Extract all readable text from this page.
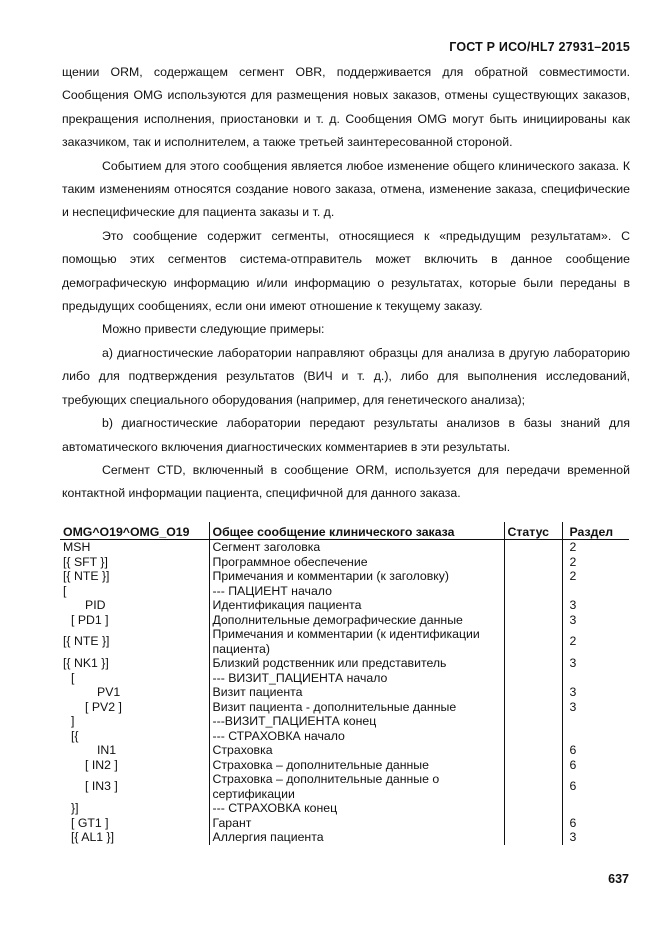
ГОСТ Р ИСО/HL7 27931–2015

щении ORM, содержащем сегмент OBR, поддерживается для обратной совместимости. Сообщения OMG используются для размещения новых заказов, отмены существующих заказов, прекращения исполнения, приостановки и т. д. Сообщения OMG могут быть инициированы как заказчиком, так и исполнителем, а также третьей заинтересованной стороной.

Событием для этого сообщения является любое изменение общего клинического заказа. К таким изменениям относятся создание нового заказа, отмена, изменение заказа, специфические и неспецифические для пациента заказы и т. д.

Это сообщение содержит сегменты, относящиеся к «предыдущим результатам». С помощью этих сегментов система-отправитель может включить в данное сообщение демографическую информацию и/или информацию о результатах, которые были переданы в предыдущих сообщениях, если они имеют отношение к текущему заказу.

Можно привести следующие примеры:

a) диагностические лаборатории направляют образцы для анализа в другую лабораторию либо для подтверждения результатов (ВИЧ и т. д.), либо для выполнения исследований, требующих специального оборудования (например, для генетического анализа);

b) диагностические лаборатории передают результаты анализов в базы знаний для автоматического включения диагностических комментариев в эти результаты.

Сегмент CTD, включенный в сообщение ORM, используется для передачи временной контактной информации пациента, специфичной для данного заказа.

OMG^O19^OMG_O19	Общее сообщение клинического заказа	Статус	Раздел
MSH	Сегмент заголовка		2
[{ SFT }]	Программное обеспечение		2
[{ NTE }]	Примечания и комментарии (к заголовку)		2
[	--- ПАЦИЕНТ начало		
PID	Идентификация пациента		3
[ PD1 ]	Дополнительные демографические данные		3
[{ NTE }]	Примечания и комментарии (к идентификации пациента)		2
[{ NK1 }]	Близкий родственник или представитель		3
[	--- ВИЗИТ_ПАЦИЕНТА начало		
PV1	Визит пациента		3
[ PV2 ]	Визит пациента - дополнительные данные		3
]	---ВИЗИТ_ПАЦИЕНТА конец		
[{	--- СТРАХОВКА начало		
IN1	Страховка		6
[ IN2 ]	Страховка – дополнительные данные		6
[ IN3 ]	Страховка – дополнительные данные о сертификации		6
}]	--- СТРАХОВКА конец		
[ GT1 ]	Гарант		6
[{ AL1 }]	Аллергия пациента		3
637
